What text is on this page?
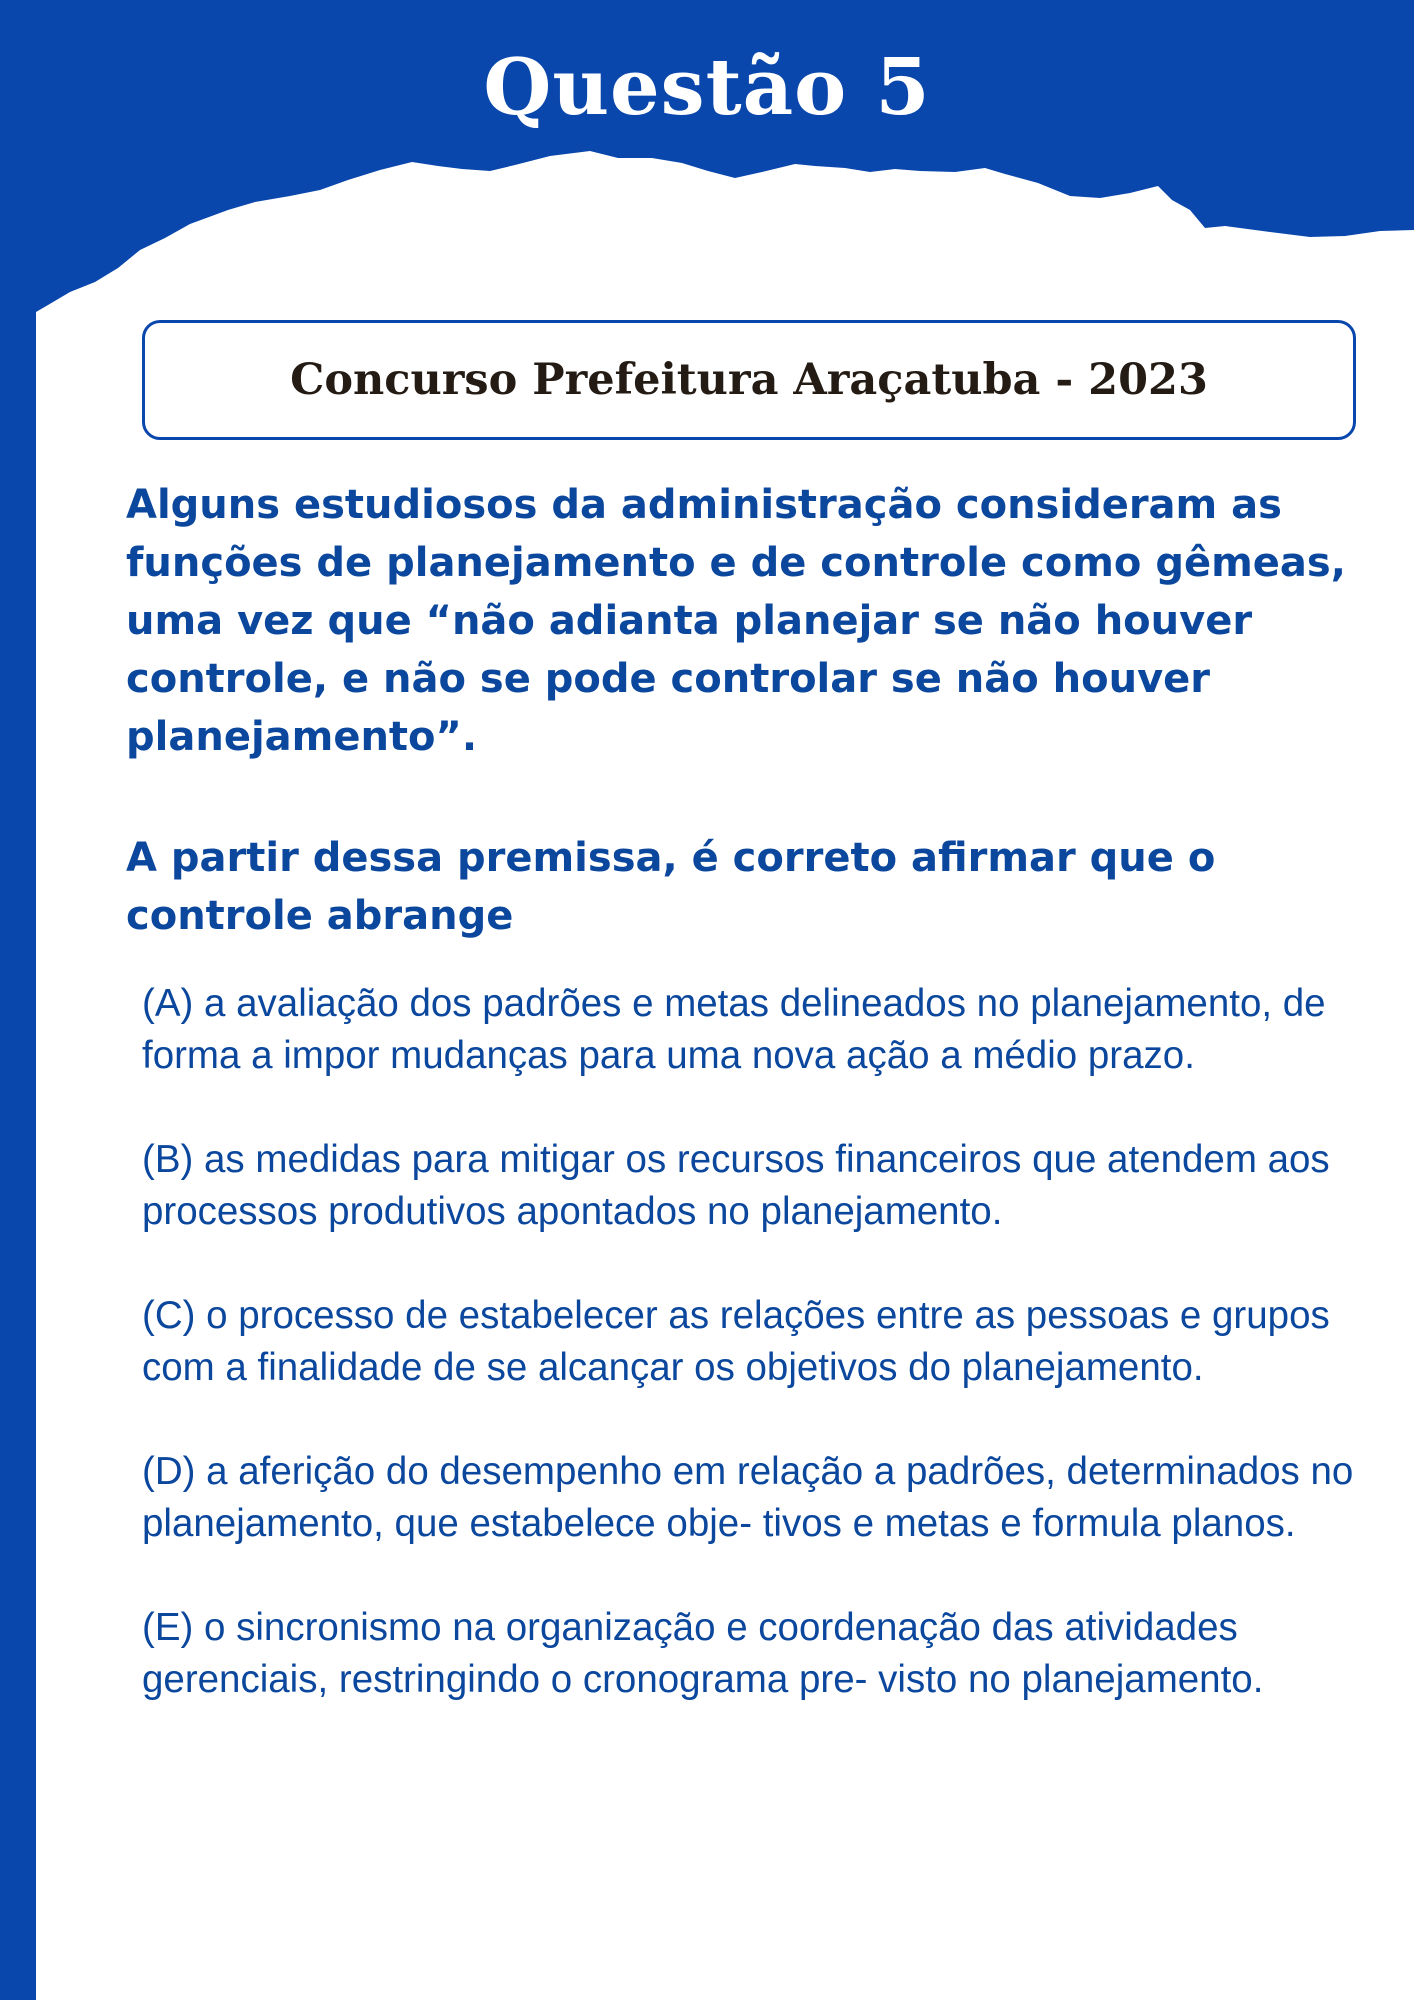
Questão 5
Concurso Prefeitura Araçatuba - 2023

Alguns estudiosos da administração consideram as funções de planejamento e de controle como gêmeas, uma vez que “não adianta planejar se não houver controle, e não se pode controlar se não houver planejamento”.

A partir dessa premissa, é correto afirmar que o controle abrange

(A) a avaliação dos padrões e metas delineados no planejamento, de forma a impor mudanças para uma nova ação a médio prazo.
(B) as medidas para mitigar os recursos financeiros que atendem aos processos produtivos apontados no planejamento.
(C) o processo de estabelecer as relações entre as pessoas e grupos com a finalidade de se alcançar os objetivos do planejamento.
(D) a aferição do desempenho em relação a padrões, determinados no planejamento, que estabelece obje- tivos e metas e formula planos.
(E) o sincronismo na organização e coordenação das atividades gerenciais, restringindo o cronograma pre- visto no planejamento.
